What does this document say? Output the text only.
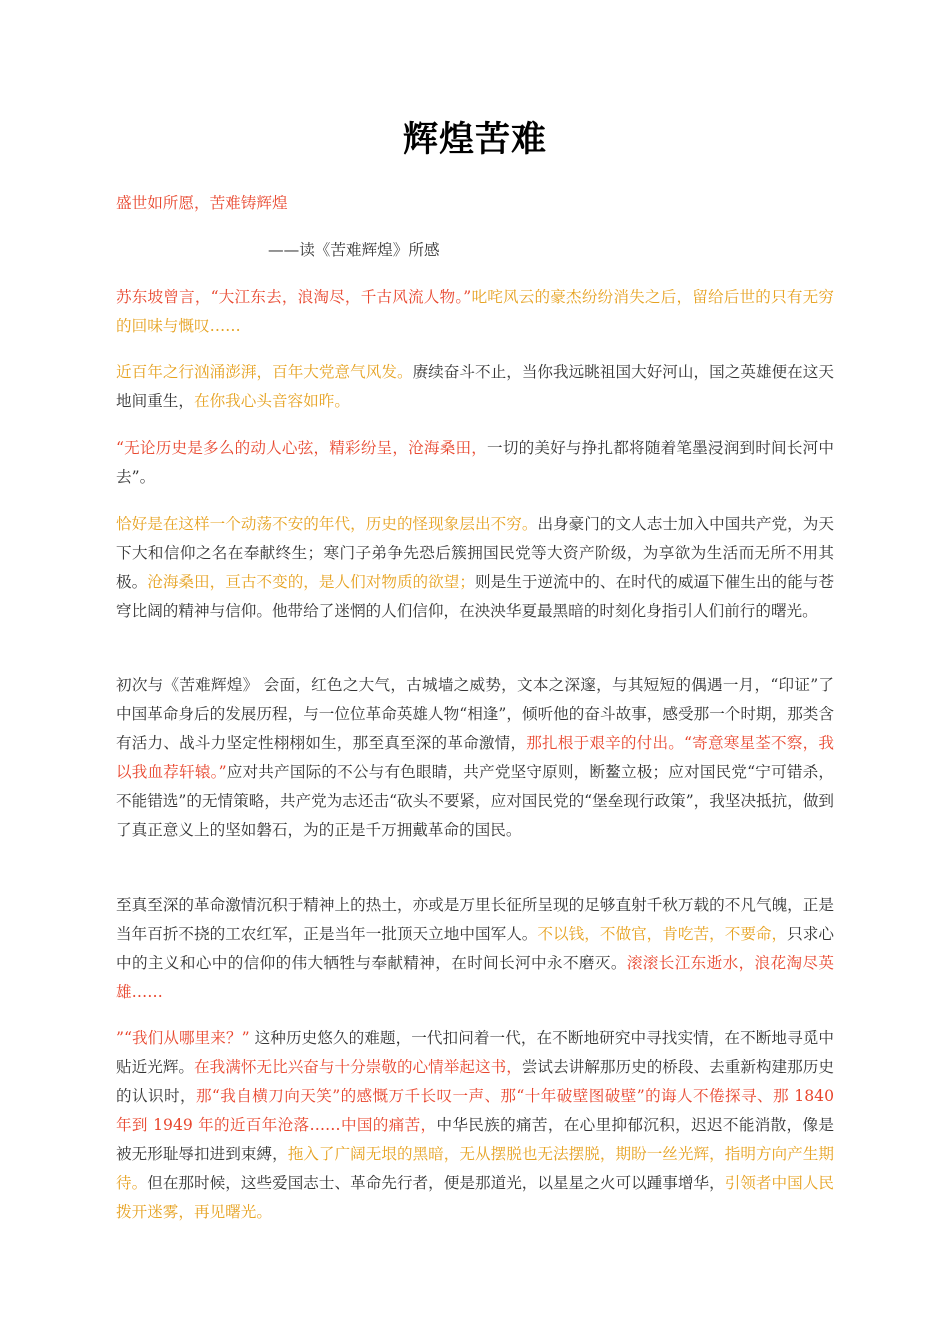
辉煌苦难
盛世如所愿，苦难铸辉煌
——读《苦难辉煌》所感
苏东坡曾言，“大江东去，浪淘尽，千古风流人物。”叱咤风云的豪杰纷纷消失之后，留给后世的只有无穷的回味与慨叹……
近百年之行汹涌澎湃，百年大党意气风发。赓续奋斗不止，当你我远眺祖国大好河山，国之英雄便在这天地间重生，在你我心头音容如昨。
“无论历史是多么的动人心弦，精彩纷呈，沧海桑田，一切的美好与挣扎都将随着笔墨浸润到时间长河中去”。
恰好是在这样一个动荡不安的年代，历史的怪现象层出不穷。出身豪门的文人志士加入中国共产党，为天下大和信仰之名在奉献终生；寒门子弟争先恐后簇拥国民党等大资产阶级，为享欲为生活而无所不用其极。沧海桑田，亘古不变的，是人们对物质的欲望；则是生于逆流中的、在时代的威逼下催生出的能与苍穹比阔的精神与信仰。他带给了迷惘的人们信仰，在泱泱华夏最黑暗的时刻化身指引人们前行的曙光。
初次与《苦难辉煌》 会面，红色之大气，古城墙之威势，文本之深邃，与其短短的偶遇一月，“印证”了中国革命身后的发展历程，与一位位革命英雄人物“相逢”，倾听他的奋斗故事，感受那一个时期，那类含有活力、战斗力坚定性栩栩如生，那至真至深的革命激情，那扎根于艰辛的付出。“寄意寒星荃不察，我以我血荐轩辕。”应对共产国际的不公与有色眼睛，共产党坚守原则，断鳌立极；应对国民党“宁可错杀，不能错选”的无情策略，共产党为志还击“砍头不要紧，应对国民党的“堡垒现行政策”，我坚决抵抗，做到了真正意义上的坚如磐石，为的正是千万拥戴革命的国民。
至真至深的革命激情沉积于精神上的热土，亦或是万里长征所呈现的足够直射千秋万载的不凡气魄，正是当年百折不挠的工农红军，正是当年一批顶天立地中国军人。不以钱，不做官，肯吃苦，不要命，只求心中的主义和心中的信仰的伟大牺牲与奉献精神，在时间长河中永不磨灭。滚滚长江东逝水，浪花淘尽英雄……
”“我们从哪里来？” 这种历史悠久的难题，一代扣问着一代，在不断地研究中寻找实情，在不断地寻觅中贴近光辉。在我满怀无比兴奋与十分崇敬的心情举起这书，尝试去讲解那历史的桥段、去重新构建那历史的认识时，那“我自横刀向天笑”的感慨万千长叹一声、那“十年破壁图破壁”的诲人不倦探寻、那 1840 年到 1949 年的近百年沧落……中国的痛苦，中华民族的痛苦，在心里抑郁沉积，迟迟不能消散，像是被无形耻辱扣进到束縛，拖入了广阔无垠的黑暗，无从摆脱也无法摆脱，期盼一丝光辉，指明方向产生期待。但在那时候，这些爱国志士、革命先行者，便是那道光，以星星之火可以踵事增华，引领者中国人民拨开迷雾，再见曙光。
